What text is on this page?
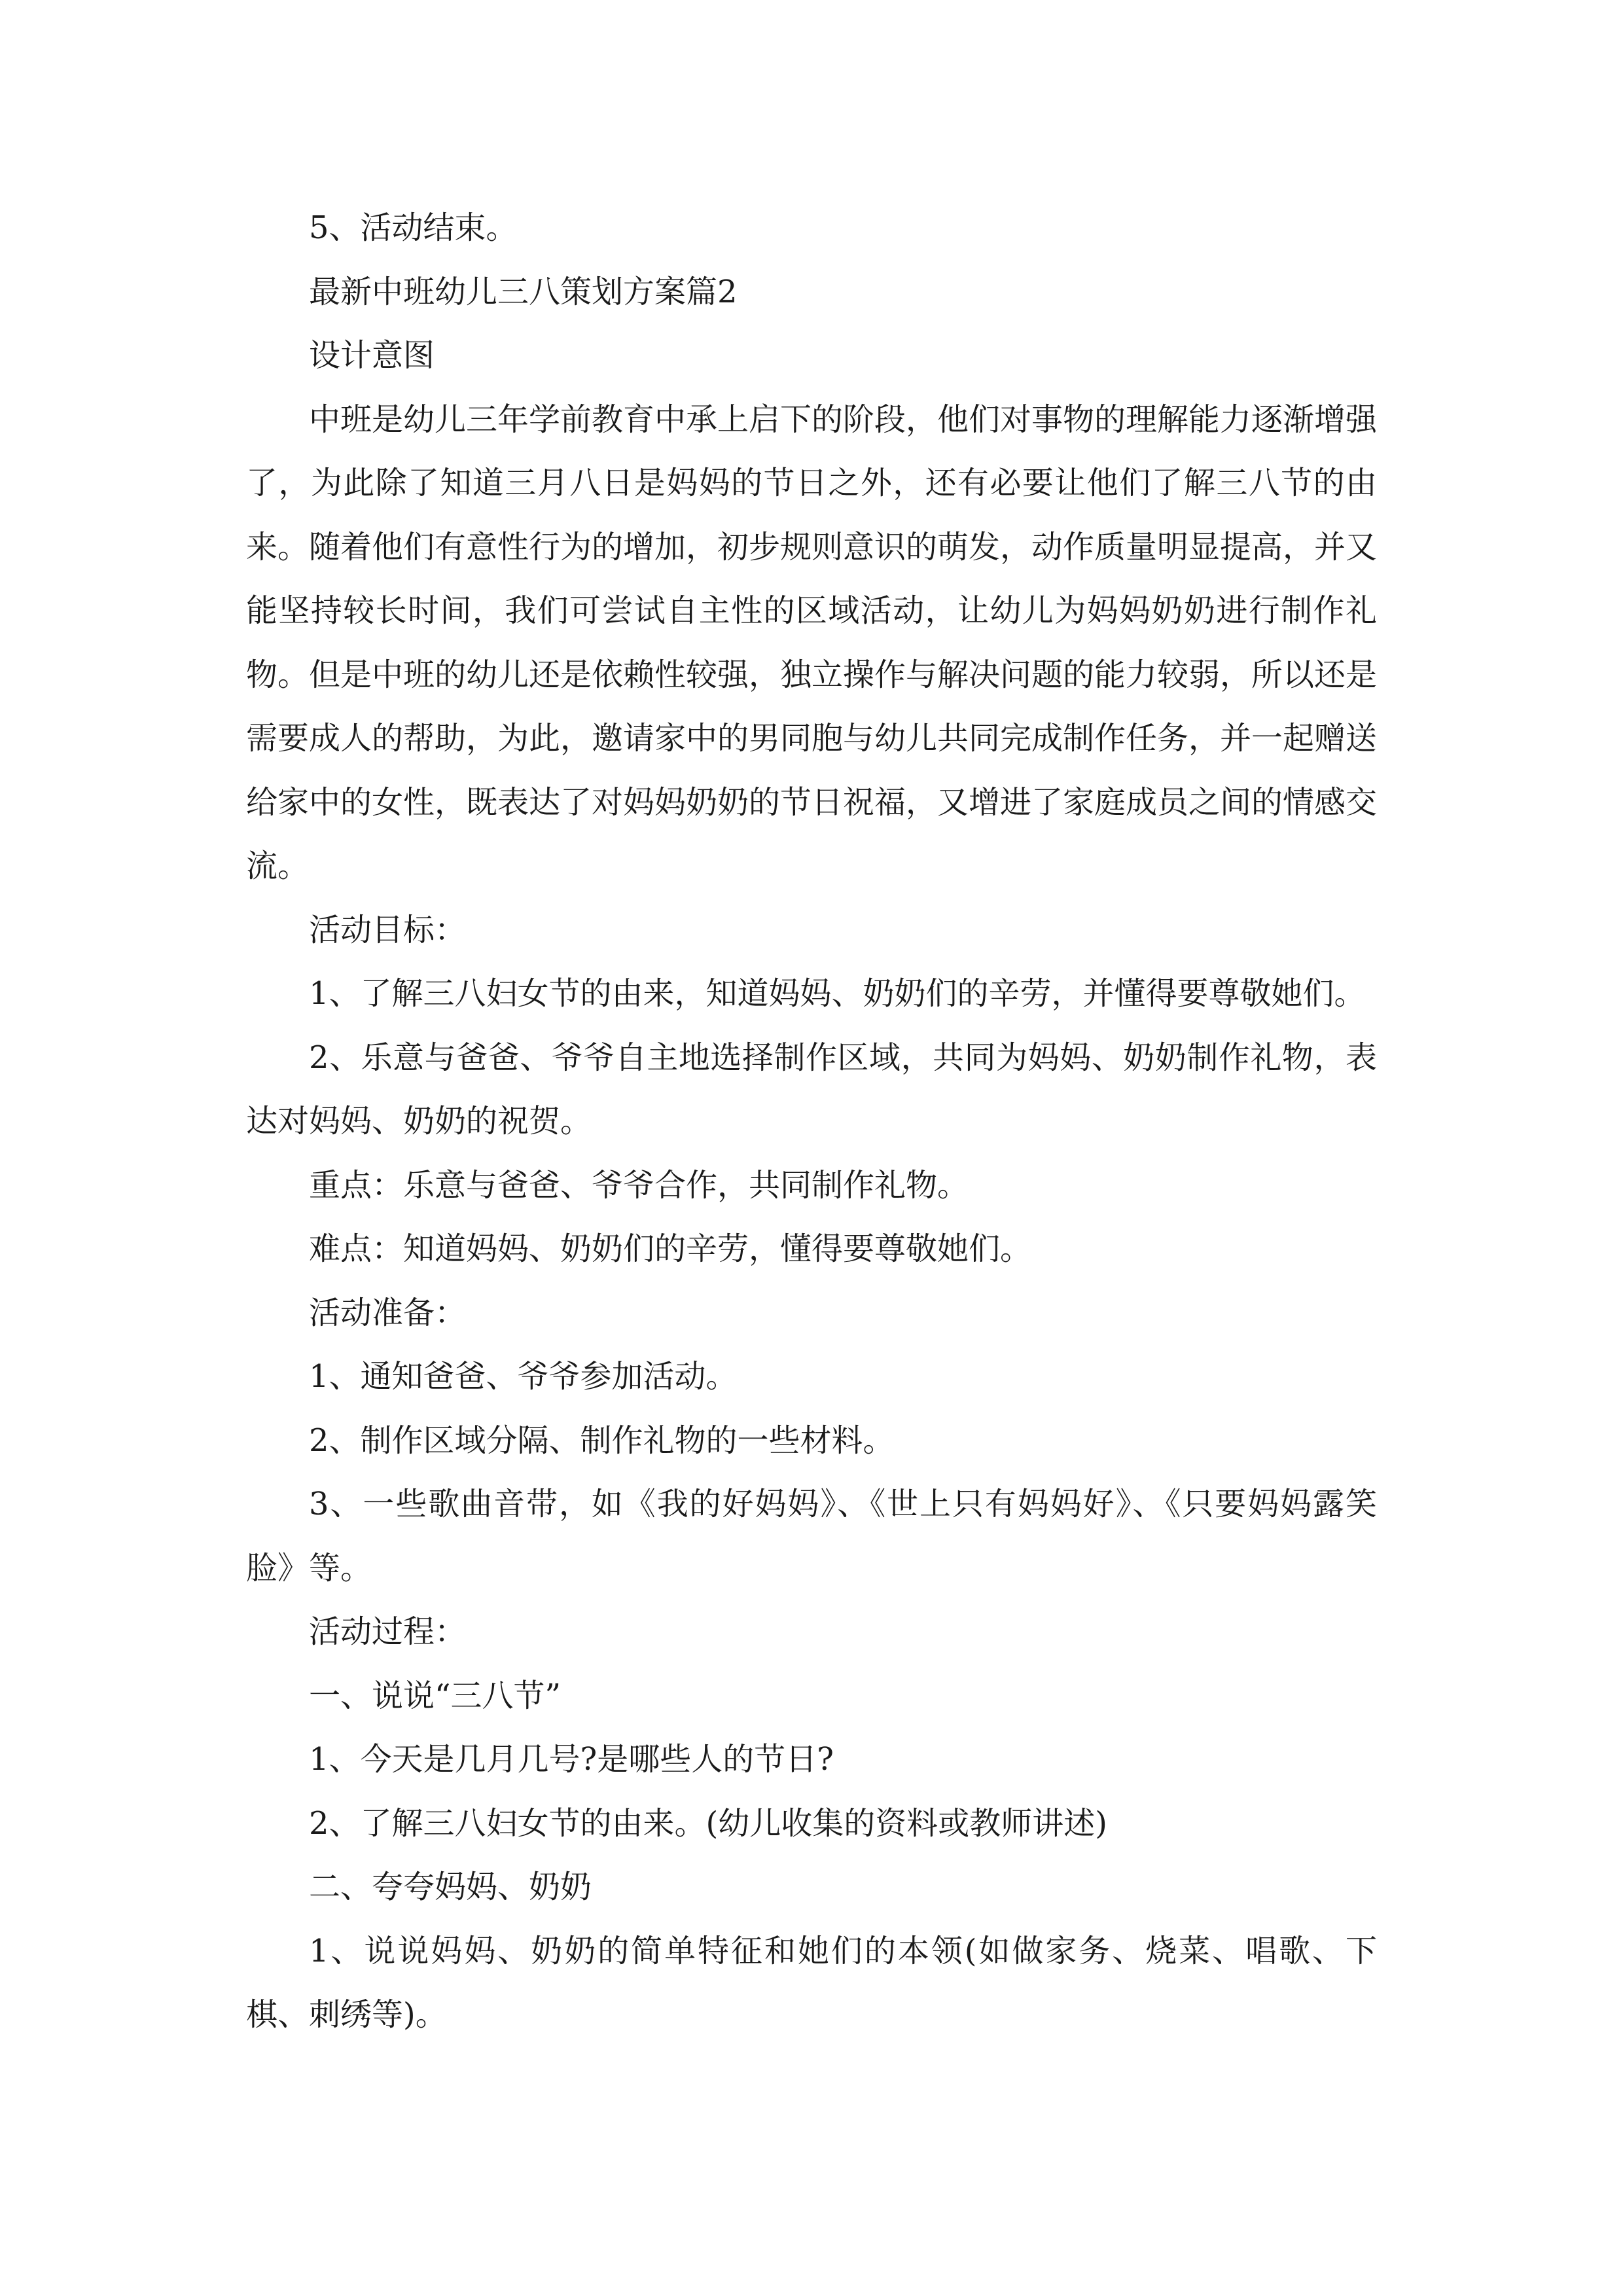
5、活动结束。

最新中班幼儿三八策划方案篇2

设计意图

中班是幼儿三年学前教育中承上启下的阶段，他们对事物的理解能力逐渐增强了，为此除了知道三月八日是妈妈的节日之外，还有必要让他们了解三八节的由来。随着他们有意性行为的增加，初步规则意识的萌发，动作质量明显提高，并又能坚持较长时间，我们可尝试自主性的区域活动，让幼儿为妈妈奶奶进行制作礼物。但是中班的幼儿还是依赖性较强，独立操作与解决问题的能力较弱，所以还是需要成人的帮助，为此，邀请家中的男同胞与幼儿共同完成制作任务，并一起赠送给家中的女性，既表达了对妈妈奶奶的节日祝福，又增进了家庭成员之间的情感交流。

活动目标：

1、了解三八妇女节的由来，知道妈妈、奶奶们的辛劳，并懂得要尊敬她们。

2、乐意与爸爸、爷爷自主地选择制作区域，共同为妈妈、奶奶制作礼物，表达对妈妈、奶奶的祝贺。

重点：乐意与爸爸、爷爷合作，共同制作礼物。

难点：知道妈妈、奶奶们的辛劳，懂得要尊敬她们。

活动准备：

1、通知爸爸、爷爷参加活动。

2、制作区域分隔、制作礼物的一些材料。

3、一些歌曲音带，如《我的好妈妈》、《世上只有妈妈好》、《只要妈妈露笑脸》等。

活动过程：

一、说说“三八节”

1、今天是几月几号?是哪些人的节日?

2、了解三八妇女节的由来。(幼儿收集的资料或教师讲述)

二、夸夸妈妈、奶奶

1、说说妈妈、奶奶的简单特征和她们的本领(如做家务、烧菜、唱歌、下棋、刺绣等)。
